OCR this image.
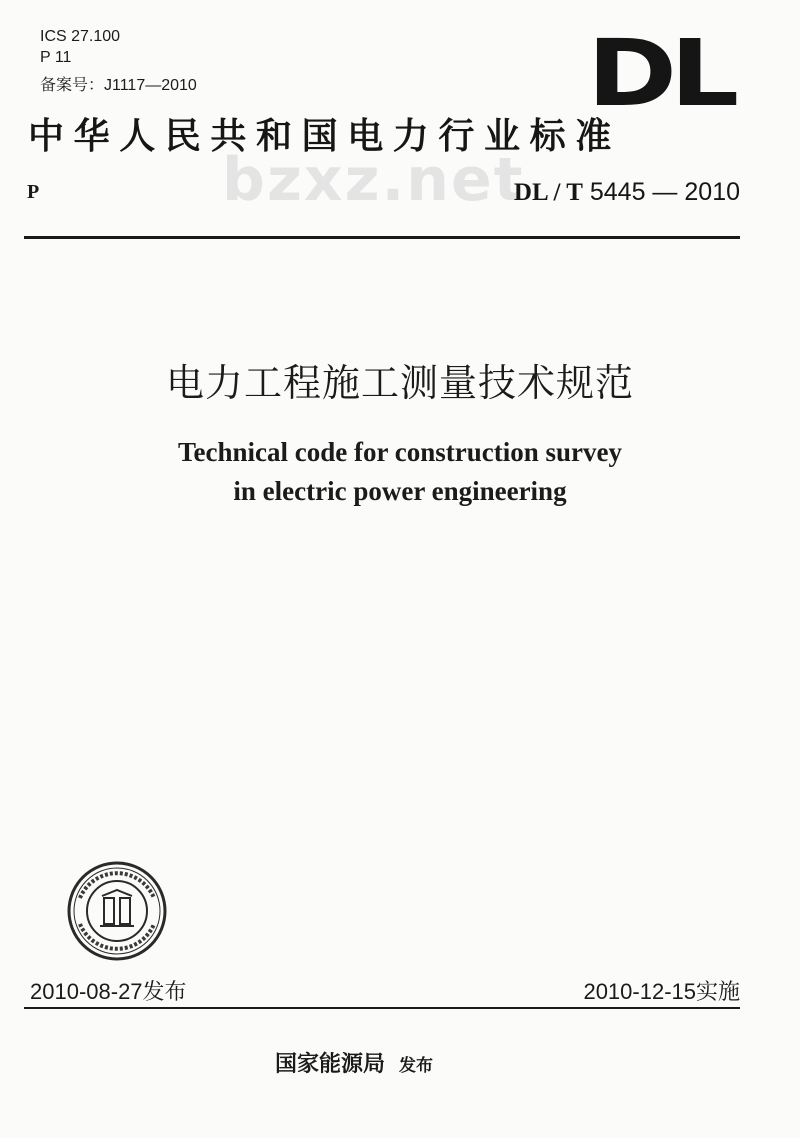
ICS 27.100
P 11
备案号：J1117—2010	DL
bzxz.net
中华人民共和国电力行业标准
P	DL / T 5445 — 2010
电力工程施工测量技术规范
Technical code for construction survey
in electric power engineering
2010-08-27发布	2010-12-15实施
国家能源局 发布
